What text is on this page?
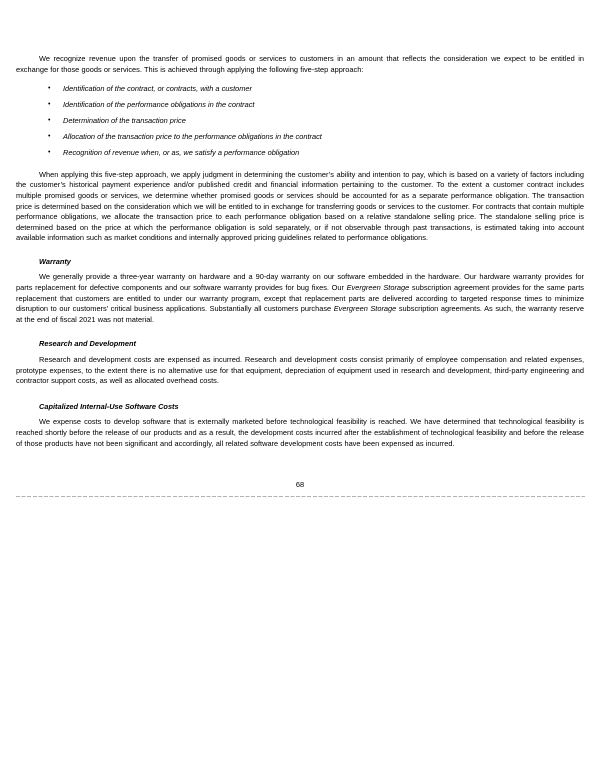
We recognize revenue upon the transfer of promised goods or services to customers in an amount that reflects the consideration we expect to be entitled in exchange for those goods or services. This is achieved through applying the following five-step approach:

• Identification of the contract, or contracts, with a customer
• Identification of the performance obligations in the contract
• Determination of the transaction price
• Allocation of the transaction price to the performance obligations in the contract
• Recognition of revenue when, or as, we satisfy a performance obligation

When applying this five-step approach, we apply judgment in determining the customer’s ability and intention to pay, which is based on a variety of factors including the customer’s historical payment experience and/or published credit and financial information pertaining to the customer. To the extent a customer contract includes multiple promised goods or services, we determine whether promised goods or services should be accounted for as a separate performance obligation. The transaction price is determined based on the consideration which we will be entitled to in exchange for transferring goods or services to the customer. For contracts that contain multiple performance obligations, we allocate the transaction price to each performance obligation based on a relative standalone selling price. The standalone selling price is determined based on the price at which the performance obligation is sold separately, or if not observable through past transactions, is estimated taking into account available information such as market conditions and internally approved pricing guidelines related to performance obligations.

Warranty

We generally provide a three-year warranty on hardware and a 90-day warranty on our software embedded in the hardware. Our hardware warranty provides for parts replacement for defective components and our software warranty provides for bug fixes. Our Evergreen Storage subscription agreement provides for the same parts replacement that customers are entitled to under our warranty program, except that replacement parts are delivered according to targeted response times to minimize disruption to our customers’ critical business applications. Substantially all customers purchase Evergreen Storage subscription agreements. As such, the warranty reserve at the end of fiscal 2021 was not material.

Research and Development

Research and development costs are expensed as incurred. Research and development costs consist primarily of employee compensation and related expenses, prototype expenses, to the extent there is no alternative use for that equipment, depreciation of equipment used in research and development, third-party engineering and contractor support costs, as well as allocated overhead costs.

Capitalized Internal-Use Software Costs

We expense costs to develop software that is externally marketed before technological feasibility is reached. We have determined that technological feasibility is reached shortly before the release of our products and as a result, the development costs incurred after the establishment of technological feasibility and before the release of those products have not been significant and accordingly, all related software development costs have been expensed as incurred.

68
